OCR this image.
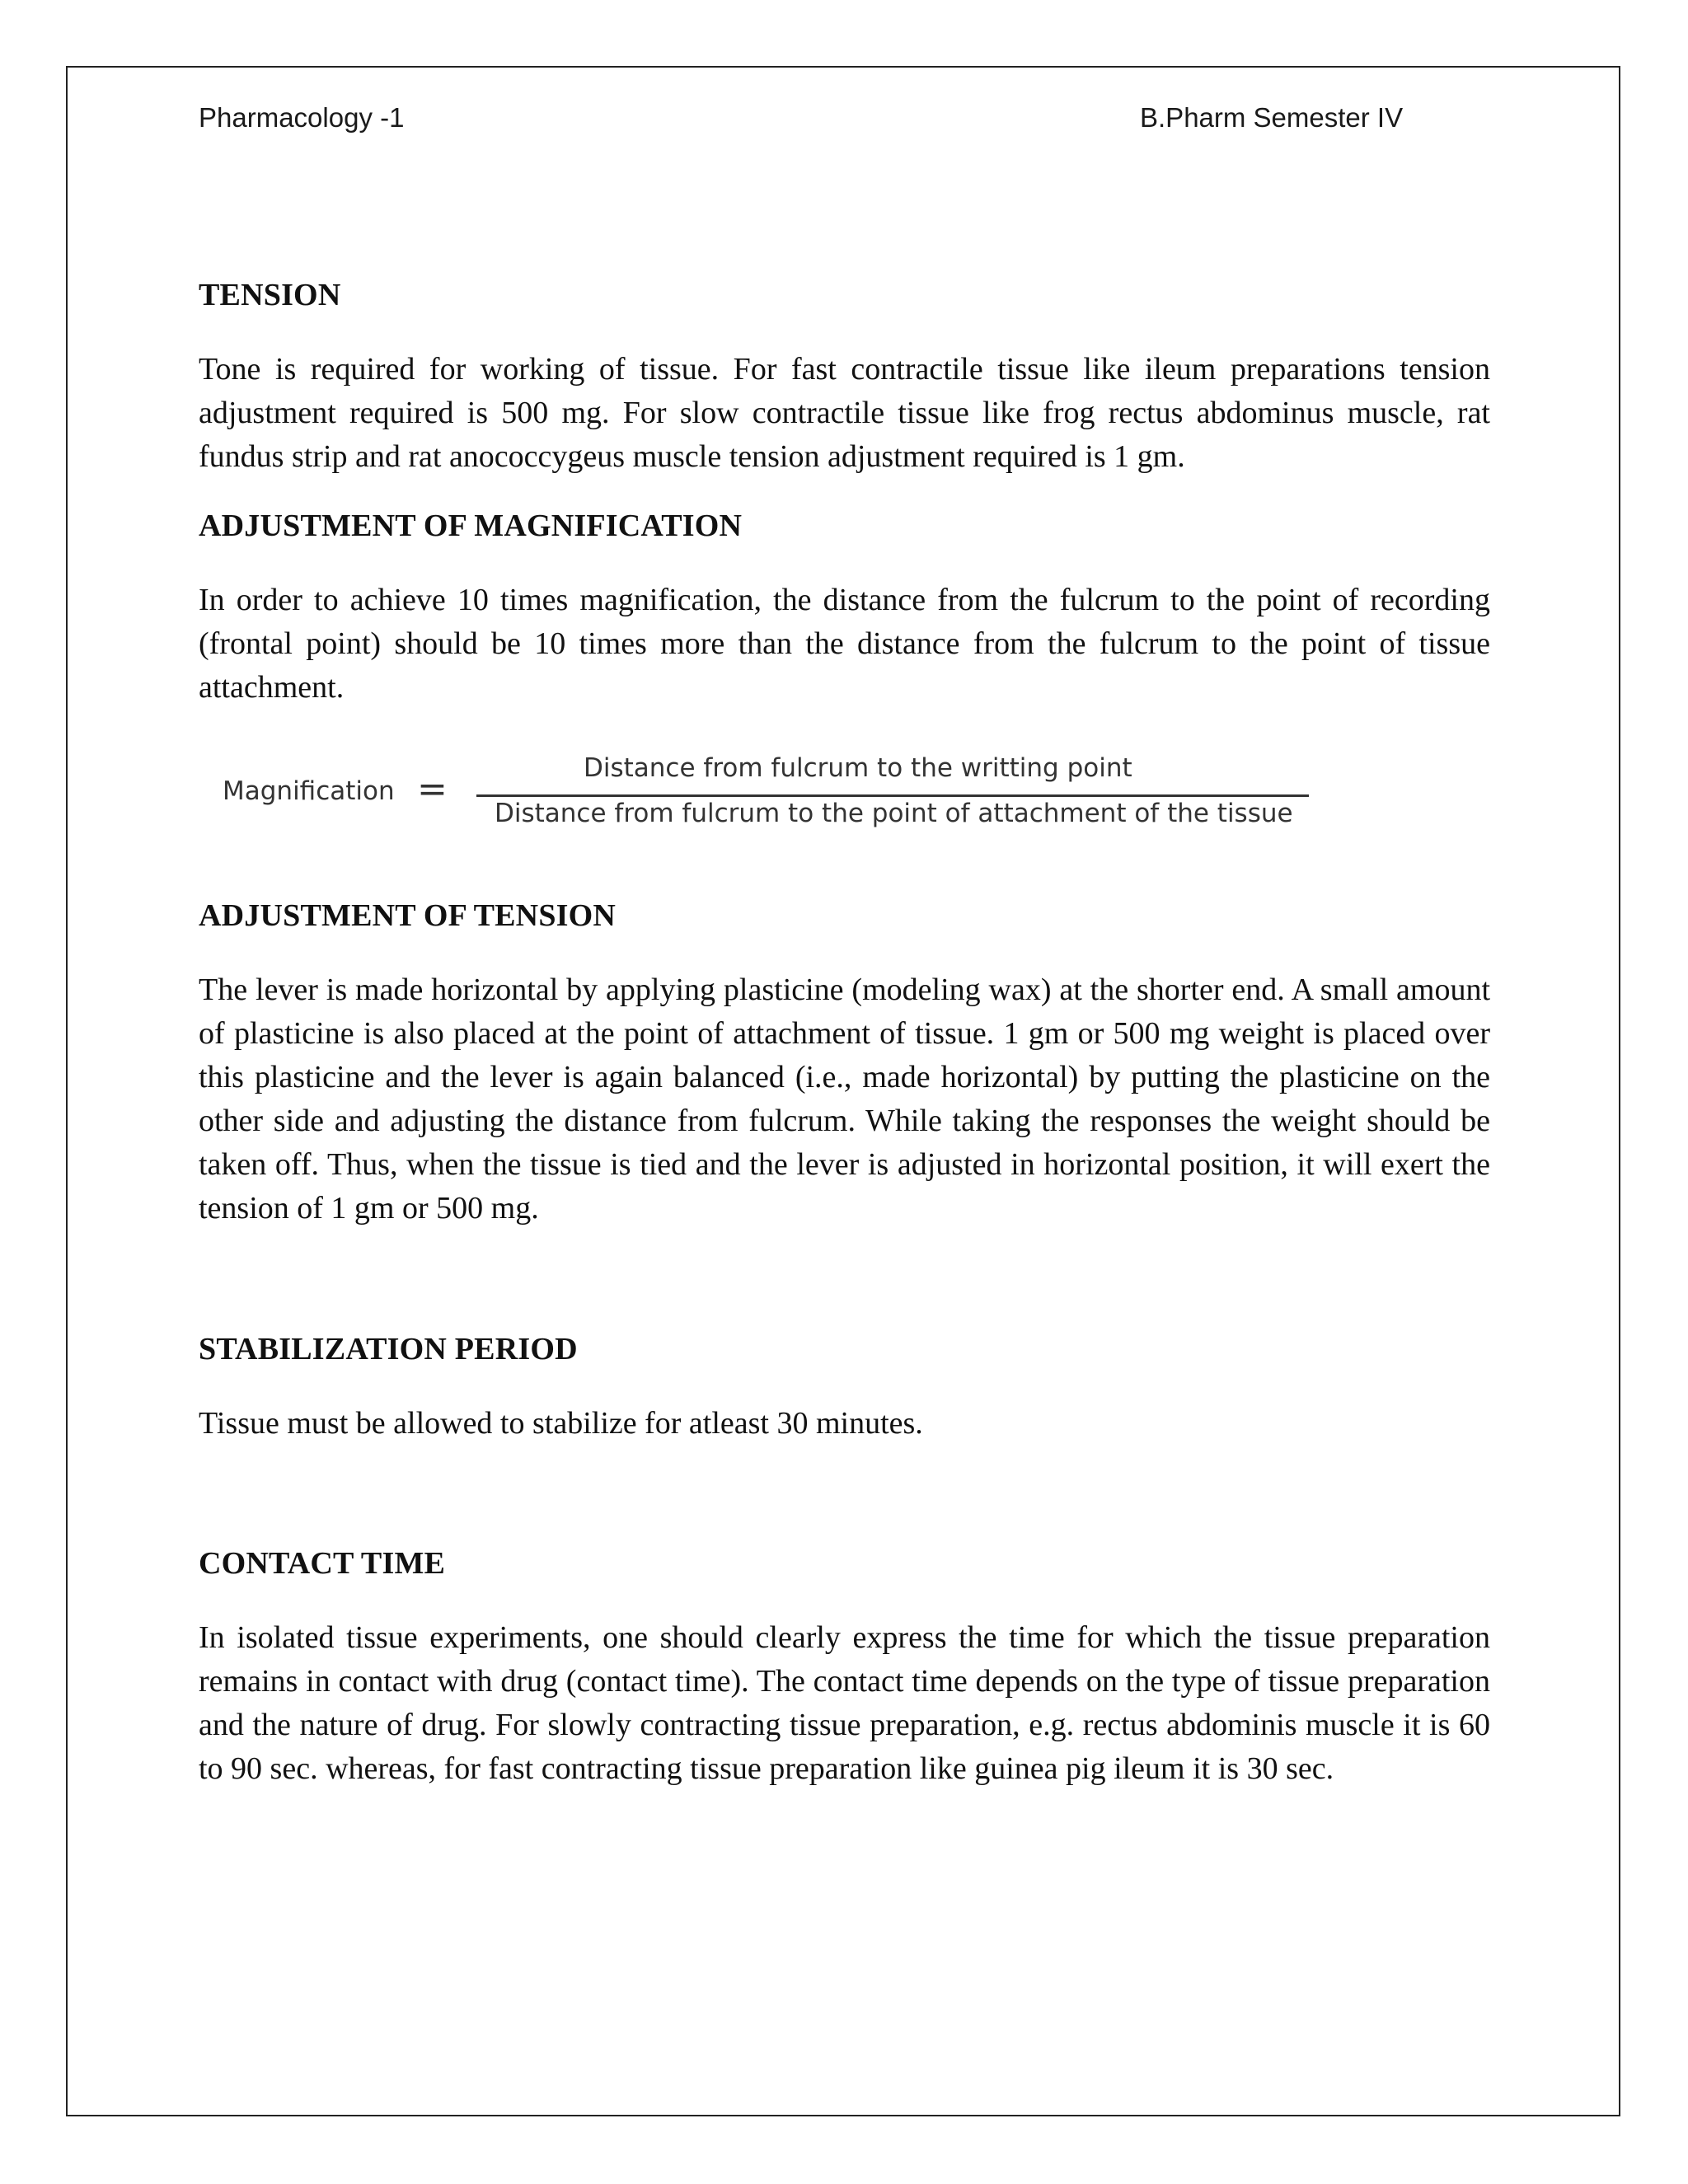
Pharmacology -1	B.Pharm Semester IV
TENSION
Tone is required for working of tissue. For fast contractile tissue like ileum preparations tension adjustment required is 500 mg. For slow contractile tissue like frog rectus abdominus muscle, rat fundus strip and rat anococcygeus muscle tension adjustment required is 1 gm.
ADJUSTMENT OF MAGNIFICATION
In order to achieve 10 times magnification, the distance from the fulcrum to the point of recording (frontal point) should be 10 times more than the distance from the fulcrum to the point of tissue attachment.
Magnification =	Distance from fulcrum to the writting point
Distance from fulcrum to the point of attachment of the tissue
ADJUSTMENT OF TENSION
The lever is made horizontal by applying plasticine (modeling wax) at the shorter end. A small amount of plasticine is also placed at the point of attachment of tissue. 1 gm or 500 mg weight is placed over this plasticine and the lever is again balanced (i.e., made horizontal) by putting the plasticine on the other side and adjusting the distance from fulcrum. While taking the responses the weight should be taken off. Thus, when the tissue is tied and the lever is adjusted in horizontal position, it will exert the tension of 1 gm or 500 mg.
STABILIZATION PERIOD
Tissue must be allowed to stabilize for atleast 30 minutes.
CONTACT TIME
In isolated tissue experiments, one should clearly express the time for which the tissue preparation remains in contact with drug (contact time). The contact time depends on the type of tissue preparation and the nature of drug. For slowly contracting tissue preparation, e.g. rectus abdominis muscle it is 60 to 90 sec. whereas, for fast contracting tissue preparation like guinea pig ileum it is 30 sec.
